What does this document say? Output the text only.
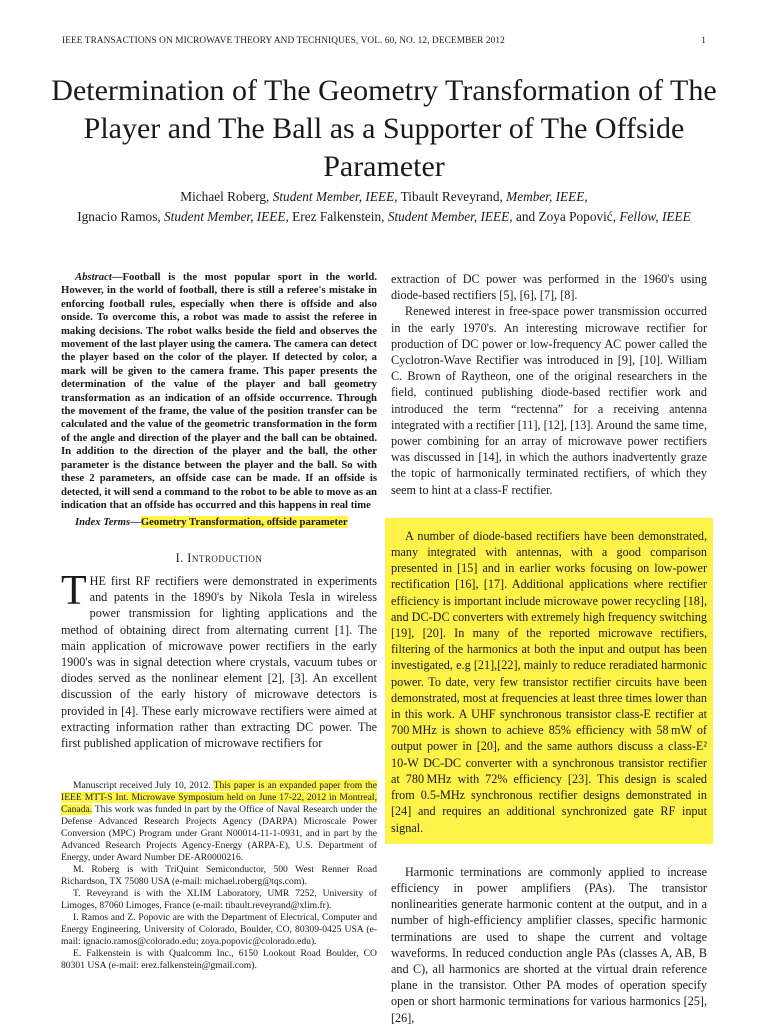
IEEE TRANSACTIONS ON MICROWAVE THEORY AND TECHNIQUES, VOL. 60, NO. 12, DECEMBER 2012	1
Determination of The Geometry Transformation of The Player and The Ball as a Supporter of The Offside Parameter
Michael Roberg, Student Member, IEEE, Tibault Reveyrand, Member, IEEE,
Ignacio Ramos, Student Member, IEEE, Erez Falkenstein, Student Member, IEEE, and Zoya Popović, Fellow, IEEE

Abstract—Football is the most popular sport in the world. However, in the world of football, there is still a referee's mistake in enforcing football rules, especially when there is offside and also onside. To overcome this, a robot was made to assist the referee in making decisions. The robot walks beside the field and observes the movement of the last player using the camera. The camera can detect the player based on the color of the player. If detected by color, a mark will be given to the camera frame. This paper presents the determination of the value of the player and ball geometry transformation as an indication of an offside occurrence. Through the movement of the frame, the value of the position transfer can be calculated and the value of the geometric transformation in the form of the angle and direction of the player and the ball can be obtained. In addition to the direction of the player and the ball, the other parameter is the distance between the player and the ball. So with these 2 parameters, an offside case can be made. If an offside is detected, it will send a command to the robot to be able to move as an indication that an offside has occurred and this happens in real time

Index Terms—Geometry Transformation, offside parameter

I. Introduction

THE first RF rectifiers were demonstrated in experiments and patents in the 1890's by Nikola Tesla in wireless power transmission for lighting applications and the method of obtaining direct from alternating current [1]. The main application of microwave power rectifiers in the early 1900's was in signal detection where crystals, vacuum tubes or diodes served as the nonlinear element [2], [3]. An excellent discussion of the early history of microwave detectors is provided in [4]. These early microwave rectifiers were aimed at extracting information rather than extracting DC power. The first published application of microwave rectifiers for

Manuscript received July 10, 2012. This paper is an expanded paper from the IEEE MTT-S Int. Microwave Symposium held on June 17-22, 2012 in Montreal, Canada. This work was funded in part by the Office of Naval Research under the Defense Advanced Research Projects Agency (DARPA) Microscale Power Conversion (MPC) Program under Grant N00014-11-1-0931, and in part by the Advanced Research Projects Agency-Energy (ARPA-E), U.S. Department of Energy, under Award Number DE-AR0000216.

M. Roberg is with TriQuint Semiconductor, 500 West Renner Road Richardson, TX 75080 USA (e-mail: michael.roberg@tqs.com).

T. Reveyrand is with the XLIM Laboratory, UMR 7252, University of Limoges, 87060 Limoges, France (e-mail: tibault.reveyrand@xlim.fr).

I. Ramos and Z. Popovic are with the Department of Electrical, Computer and Energy Engineering, University of Colorado, Boulder, CO, 80309-0425 USA (e-mail: ignacio.ramos@colorado.edu; zoya.popovic@colorado.edu).

E. Falkenstein is with Qualcomm Inc., 6150 Lookout Road Boulder, CO 80301 USA (e-mail: erez.falkenstein@gmail.com).

extraction of DC power was performed in the 1960's using diode-based rectifiers [5], [6], [7], [8].

Renewed interest in free-space power transmission occurred in the early 1970's. An interesting microwave rectifier for production of DC power or low-frequency AC power called the Cyclotron-Wave Rectifier was introduced in [9], [10]. William C. Brown of Raytheon, one of the original researchers in the field, continued publishing diode-based rectifier work and introduced the term “rectenna” for a receiving antenna integrated with a rectifier [11], [12], [13]. Around the same time, power combining for an array of microwave power rectifiers was discussed in [14], in which the authors inadvertently graze the topic of harmonically terminated rectifiers, of which they seem to hint at a class-F rectifier.

A number of diode-based rectifiers have been demonstrated, many integrated with antennas, with a good comparison presented in [15] and in earlier works focusing on low-power rectification [16], [17]. Additional applications where rectifier efficiency is important include microwave power recycling [18], and DC-DC converters with extremely high frequency switching [19], [20]. In many of the reported microwave rectifiers, filtering of the harmonics at both the input and output has been investigated, e.g [21],[22], mainly to reduce reradiated harmonic power. To date, very few transistor rectifier circuits have been demonstrated, most at frequencies at least three times lower than in this work. A UHF synchronous transistor class-E rectifier at 700 MHz is shown to achieve 85% efficiency with 58 mW of output power in [20], and the same authors discuss a class-E² 10-W DC-DC converter with a synchronous transistor rectifier at 780 MHz with 72% efficiency [23]. This design is scaled from 0.5-MHz synchronous rectifier designs demonstrated in [24] and requires an additional synchronized gate RF input signal.

Harmonic terminations are commonly applied to increase efficiency in power amplifiers (PAs). The transistor nonlinearities generate harmonic content at the output, and in a number of high-efficiency amplifier classes, specific harmonic terminations are used to shape the current and voltage waveforms. In reduced conduction angle PAs (classes A, AB, B and C), all harmonics are shorted at the virtual drain reference plane in the transistor. Other PA modes of operation specify open or short harmonic terminations for various harmonics [25], [26],
